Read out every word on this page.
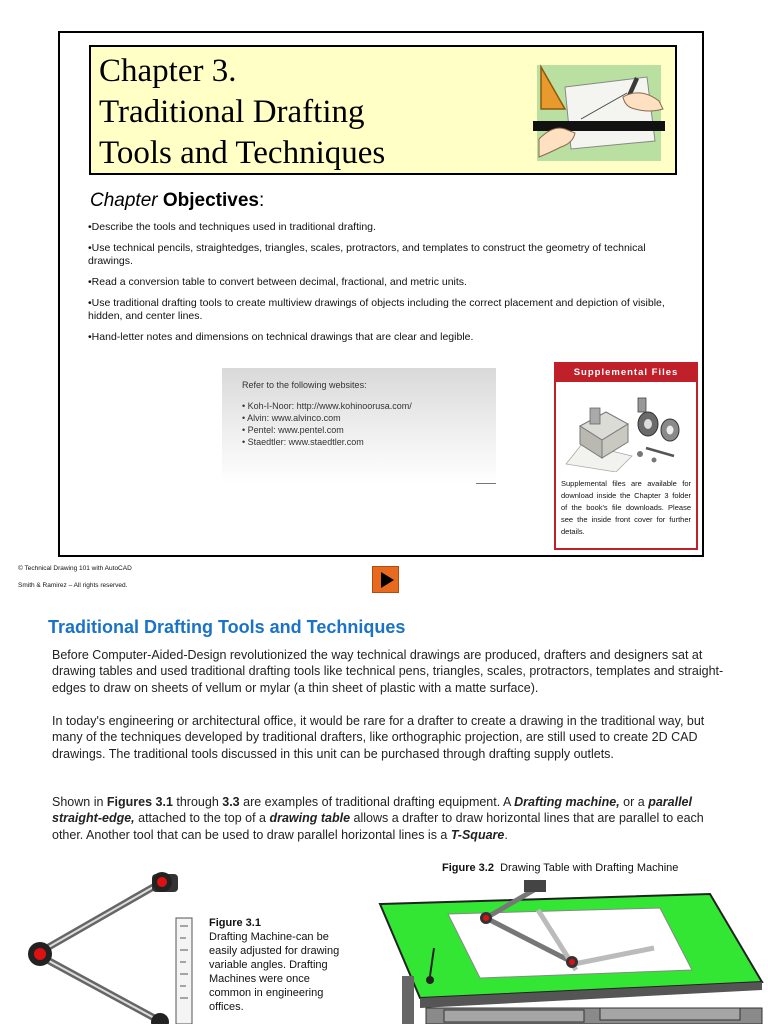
Chapter 3.
Traditional Drafting
Tools and Techniques
Chapter Objectives:
•Describe the tools and techniques used in traditional drafting.
•Use technical pencils, straightedges, triangles, scales, protractors, and templates to construct the geometry of technical drawings.
•Read a conversion table to convert between decimal, fractional, and metric units.
•Use traditional drafting tools to create multiview drawings of objects including the correct placement and depiction of visible, hidden, and center lines.
•Hand-letter notes and dimensions on technical drawings that are clear and legible.
Refer to the following websites:
• Koh-I-Noor: http://www.kohinoorusa.com/
• Alvin: www.alvinco.com
• Pentel: www.pentel.com
• Staedtler: www.staedtler.com
Supplemental Files
Supplemental files are available for download inside the Chapter 3 folder of the book's file downloads. Please see the inside front cover for further details.
© Technical Drawing 101 with AutoCAD
Smith & Ramirez – All rights reserved.
Traditional Drafting Tools and Techniques
Before Computer-Aided-Design revolutionized the way technical drawings are produced, drafters and designers sat at drawing tables and used traditional drafting tools like technical pens, triangles, scales, protractors, templates and straight-edges to draw on sheets of vellum or mylar (a thin sheet of plastic with a matte surface).
In today's engineering or architectural office, it would be rare for a drafter to create a drawing in the traditional way, but many of the techniques developed by traditional drafters, like orthographic projection, are still used to create 2D CAD drawings. The traditional tools discussed in this unit can be purchased through drafting supply outlets.
Shown in Figures 3.1 through 3.3 are examples of traditional drafting equipment. A Drafting machine, or a parallel straight-edge, attached to the top of a drawing table allows a drafter to draw horizontal lines that are parallel to each other. Another tool that can be used to draw parallel horizontal lines is a T-Square.
Figure 3.1
Drafting Machine-can be easily adjusted for drawing variable angles. Drafting Machines were once common in engineering offices.
Figure 3.2 Drawing Table with Drafting Machine
